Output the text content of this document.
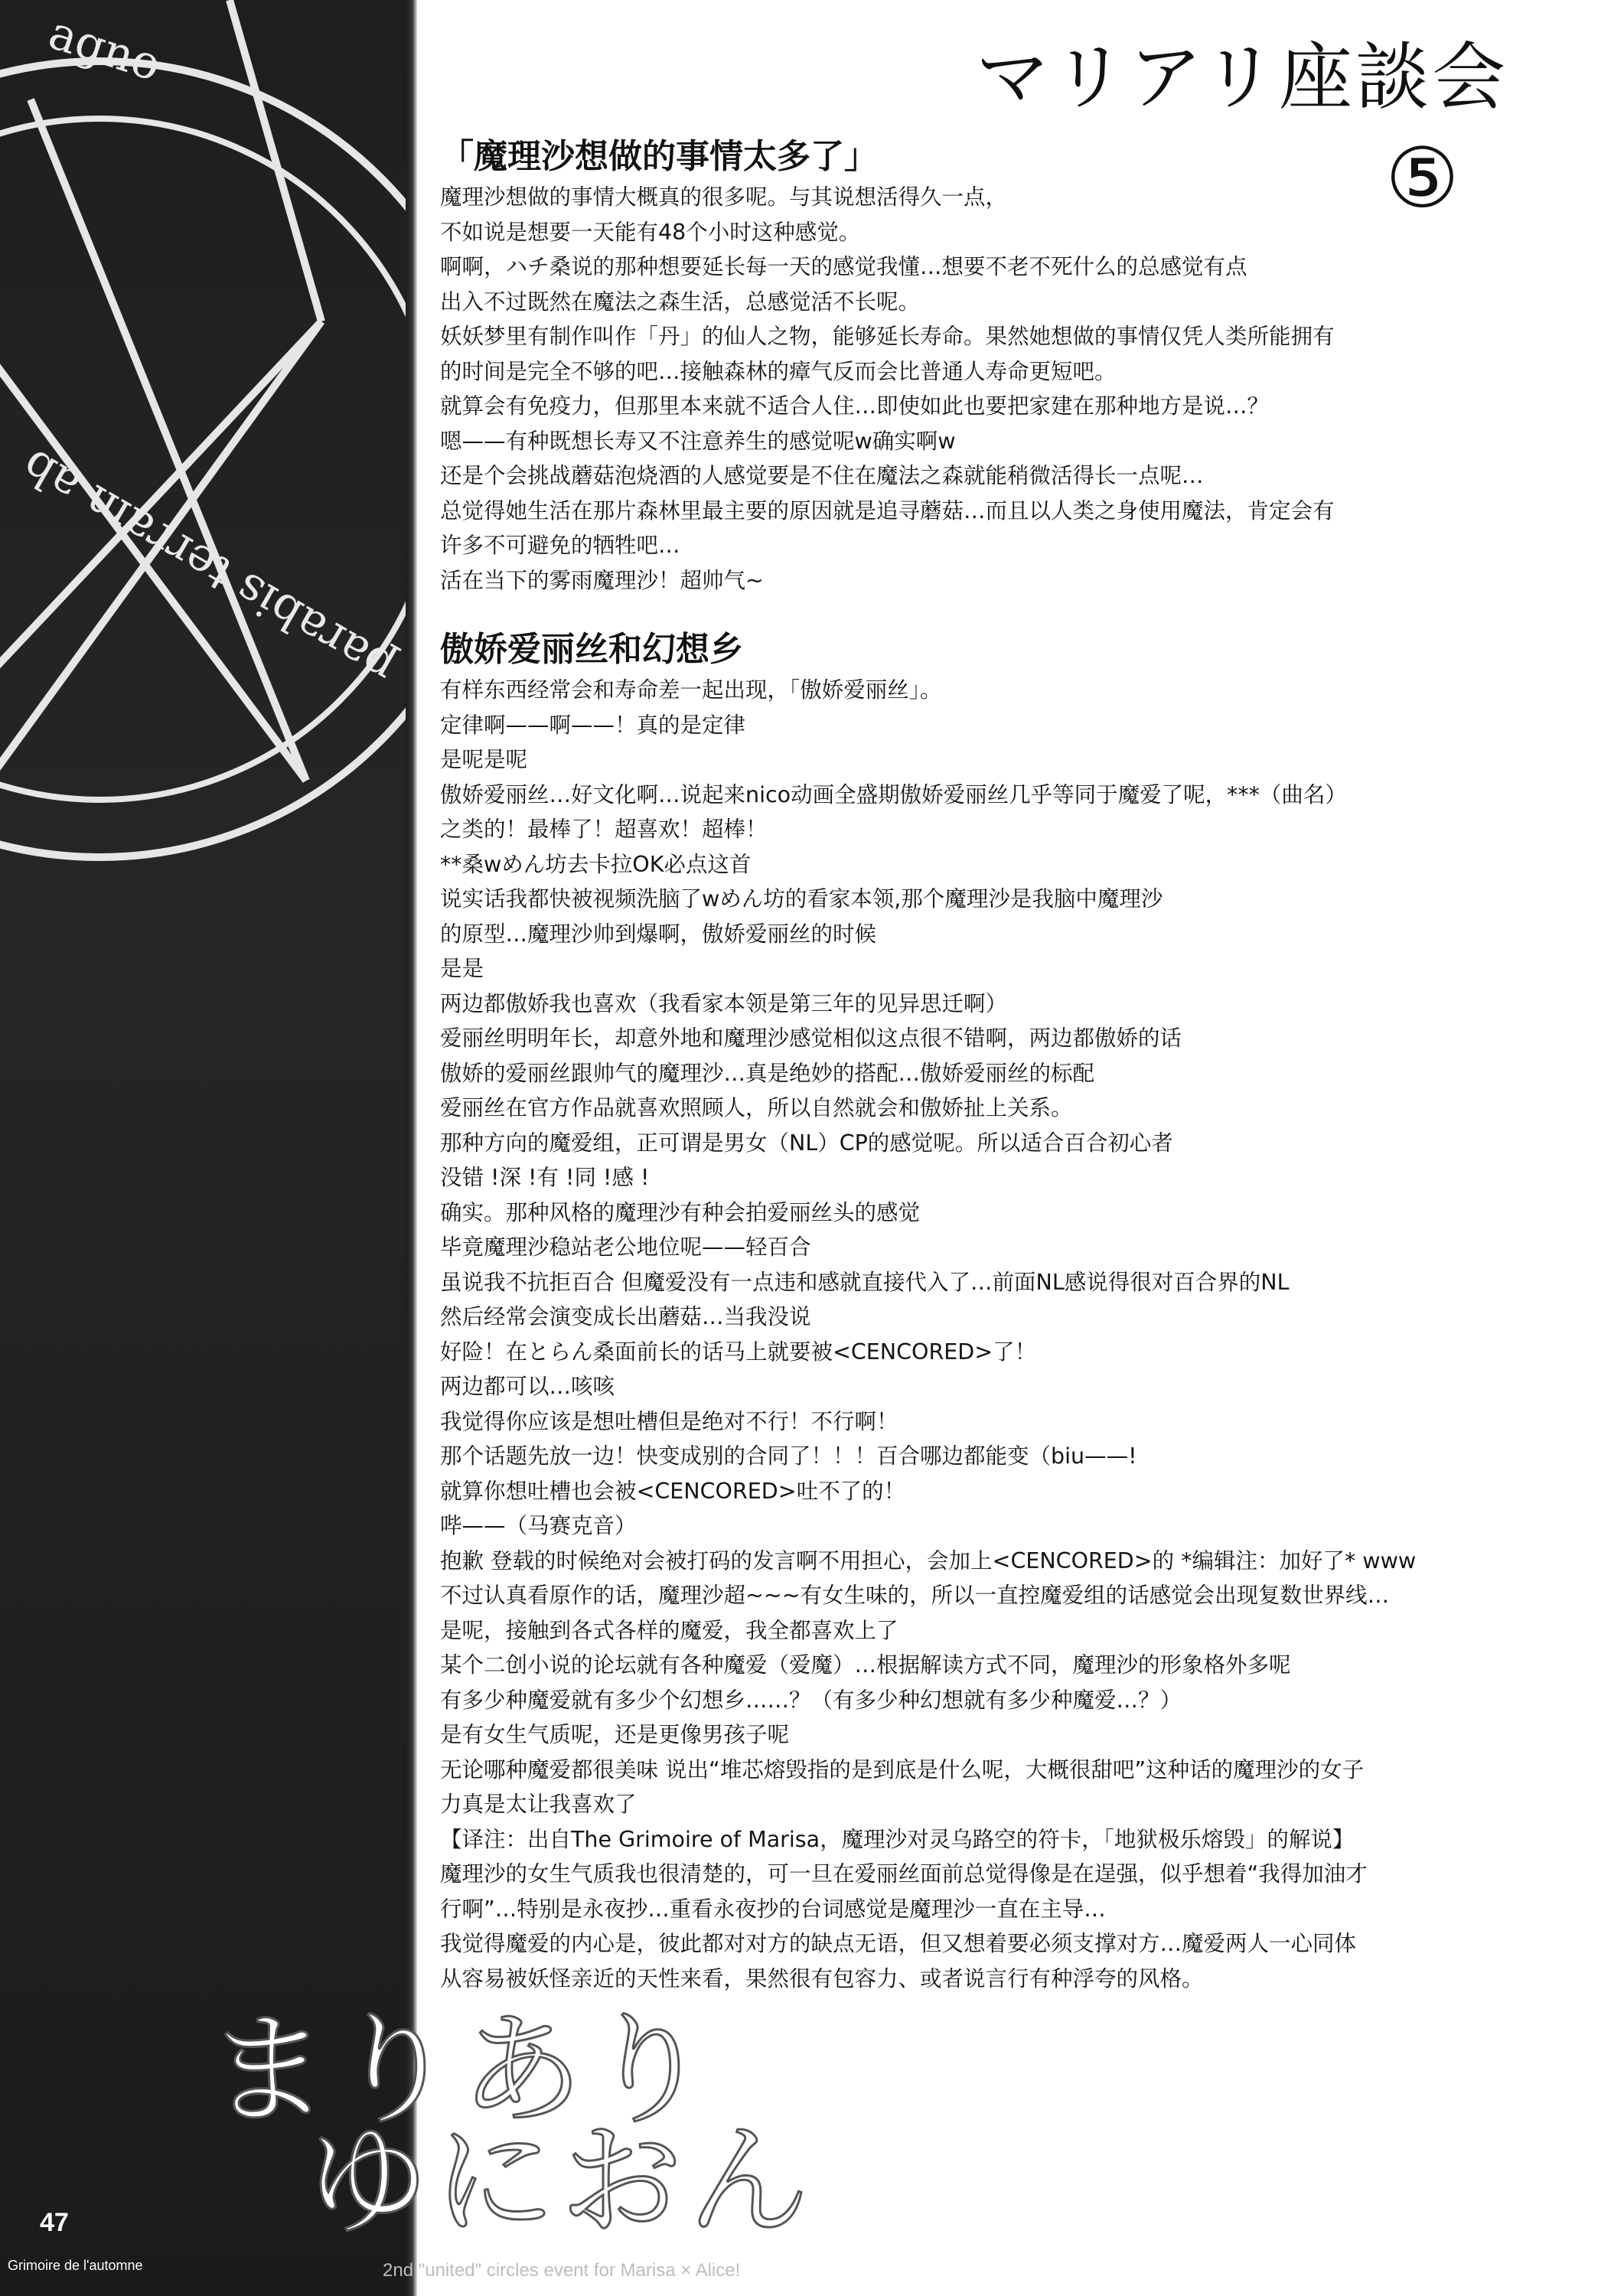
agno
parabis terram ab
マリアリ座談会
⑤
「魔理沙想做的事情太多了」

魔理沙想做的事情大概真的很多呢。与其说想活得久一点，

不如说是想要一天能有48个小时这种感觉。

啊啊，ハチ桑说的那种想要延长每一天的感觉我懂…想要不老不死什么的总感觉有点

出入不过既然在魔法之森生活，总感觉活不长呢。

妖妖梦里有制作叫作「丹」的仙人之物，能够延长寿命。果然她想做的事情仅凭人类所能拥有

的时间是完全不够的吧…接触森林的瘴气反而会比普通人寿命更短吧。

就算会有免疫力，但那里本来就不适合人住…即使如此也要把家建在那种地方是说…？

嗯——有种既想长寿又不注意养生的感觉呢w确实啊w

还是个会挑战蘑菇泡烧酒的人感觉要是不住在魔法之森就能稍微活得长一点呢…

总觉得她生活在那片森林里最主要的原因就是追寻蘑菇…而且以人类之身使用魔法，肯定会有

许多不可避免的牺牲吧…

活在当下的雾雨魔理沙！超帅气~

傲娇爱丽丝和幻想乡

有样东西经常会和寿命差一起出现，「傲娇爱丽丝」。

定律啊——啊——！真的是定律

是呢是呢

傲娇爱丽丝…好文化啊…说起来nico动画全盛期傲娇爱丽丝几乎等同于魔爱了呢，***（曲名）

之类的！最棒了！超喜欢！超棒！

**桑wめん坊去卡拉OK必点这首

说实话我都快被视频洗脑了wめん坊的看家本领,那个魔理沙是我脑中魔理沙

的原型…魔理沙帅到爆啊，傲娇爱丽丝的时候

是是

两边都傲娇我也喜欢（我看家本领是第三年的见异思迁啊）

爱丽丝明明年长，却意外地和魔理沙感觉相似这点很不错啊，两边都傲娇的话

傲娇的爱丽丝跟帅气的魔理沙…真是绝妙的搭配…傲娇爱丽丝的标配

爱丽丝在官方作品就喜欢照顾人，所以自然就会和傲娇扯上关系。

那种方向的魔爱组，正可谓是男女（NL）CP的感觉呢。所以适合百合初心者

没错 !深 !有 !同 !感 !

确实。那种风格的魔理沙有种会拍爱丽丝头的感觉

毕竟魔理沙稳站老公地位呢——轻百合

虽说我不抗拒百合 但魔爱没有一点违和感就直接代入了…前面NL感说得很对百合界的NL

然后经常会演变成长出蘑菇…当我没说

好险！在とらん桑面前长的话马上就要被<CENCORED>了！

两边都可以…咳咳

我觉得你应该是想吐槽但是绝对不行！不行啊！

那个话题先放一边！快变成别的合同了！！！百合哪边都能变（biu——!

就算你想吐槽也会被<CENCORED>吐不了的！

哔——（马赛克音）

抱歉 登载的时候绝对会被打码的发言啊不用担心，会加上<CENCORED>的 *编辑注：加好了* www

不过认真看原作的话，魔理沙超~~~有女生味的，所以一直控魔爱组的话感觉会出现复数世界线…

是呢，接触到各式各样的魔爱，我全都喜欢上了

某个二创小说的论坛就有各种魔爱（爱魔）…根据解读方式不同，魔理沙的形象格外多呢

有多少种魔爱就有多少个幻想乡……？（有多少种幻想就有多少种魔爱…？）

是有女生气质呢，还是更像男孩子呢

无论哪种魔爱都很美味 说出“堆芯熔毁指的是到底是什么呢，大概很甜吧”这种话的魔理沙的女子

力真是太让我喜欢了

【译注：出自The Grimoire of Marisa，魔理沙对灵乌路空的符卡，「地狱极乐熔毁」的解说】

魔理沙的女生气质我也很清楚的，可一旦在爱丽丝面前总觉得像是在逞强，似乎想着“我得加油才

行啊”…特别是永夜抄…重看永夜抄的台词感觉是魔理沙一直在主导…

我觉得魔爱的内心是，彼此都对对方的缺点无语，但又想着要必须支撑对方…魔爱两人一心同体

从容易被妖怪亲近的天性来看，果然很有包容力、或者说言行有种浮夸的风格。

まりあり
ゆにおん
2nd "united" circles event for Marisa × Alice!
47
Grimoire de l'automne
